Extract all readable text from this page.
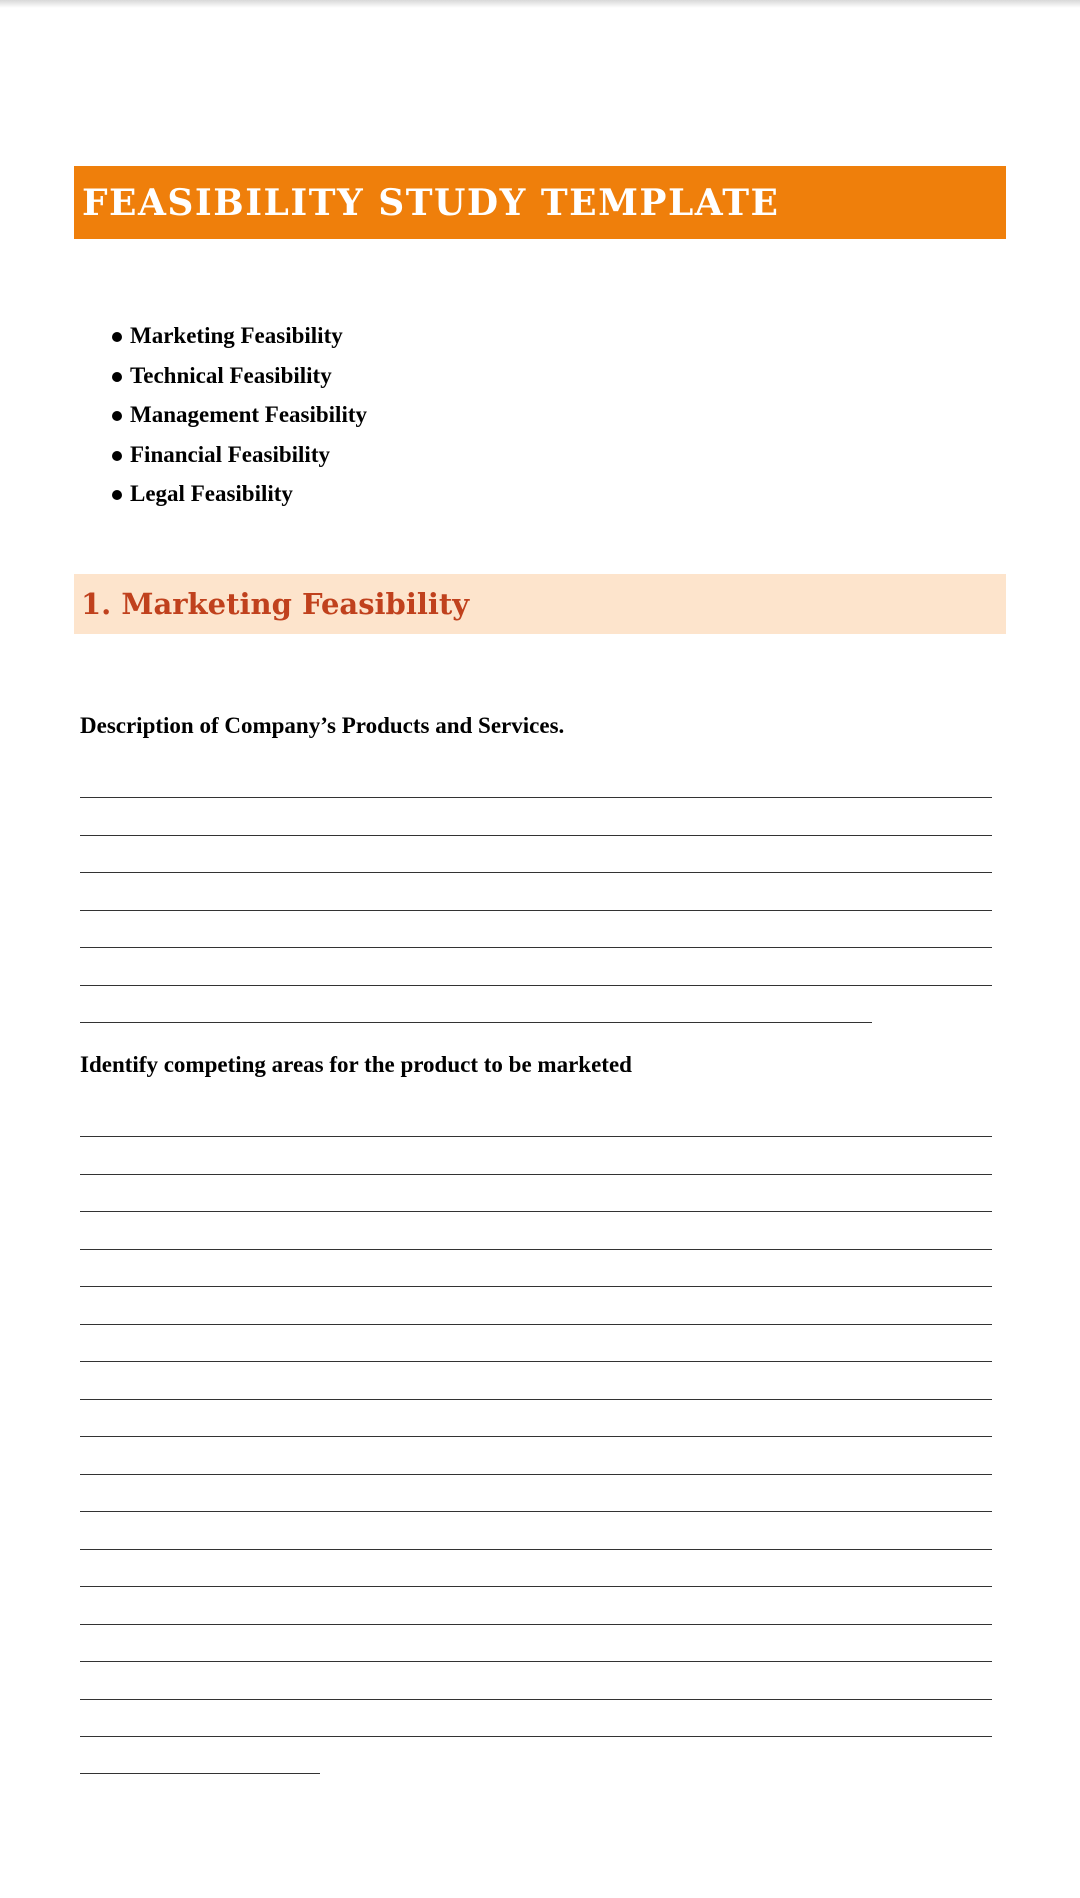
FEASIBILITY STUDY TEMPLATE
Marketing Feasibility
Technical Feasibility
Management Feasibility
Financial Feasibility
Legal Feasibility
1. Marketing Feasibility
Description of Company’s Products and Services.
Identify competing areas for the product to be marketed
